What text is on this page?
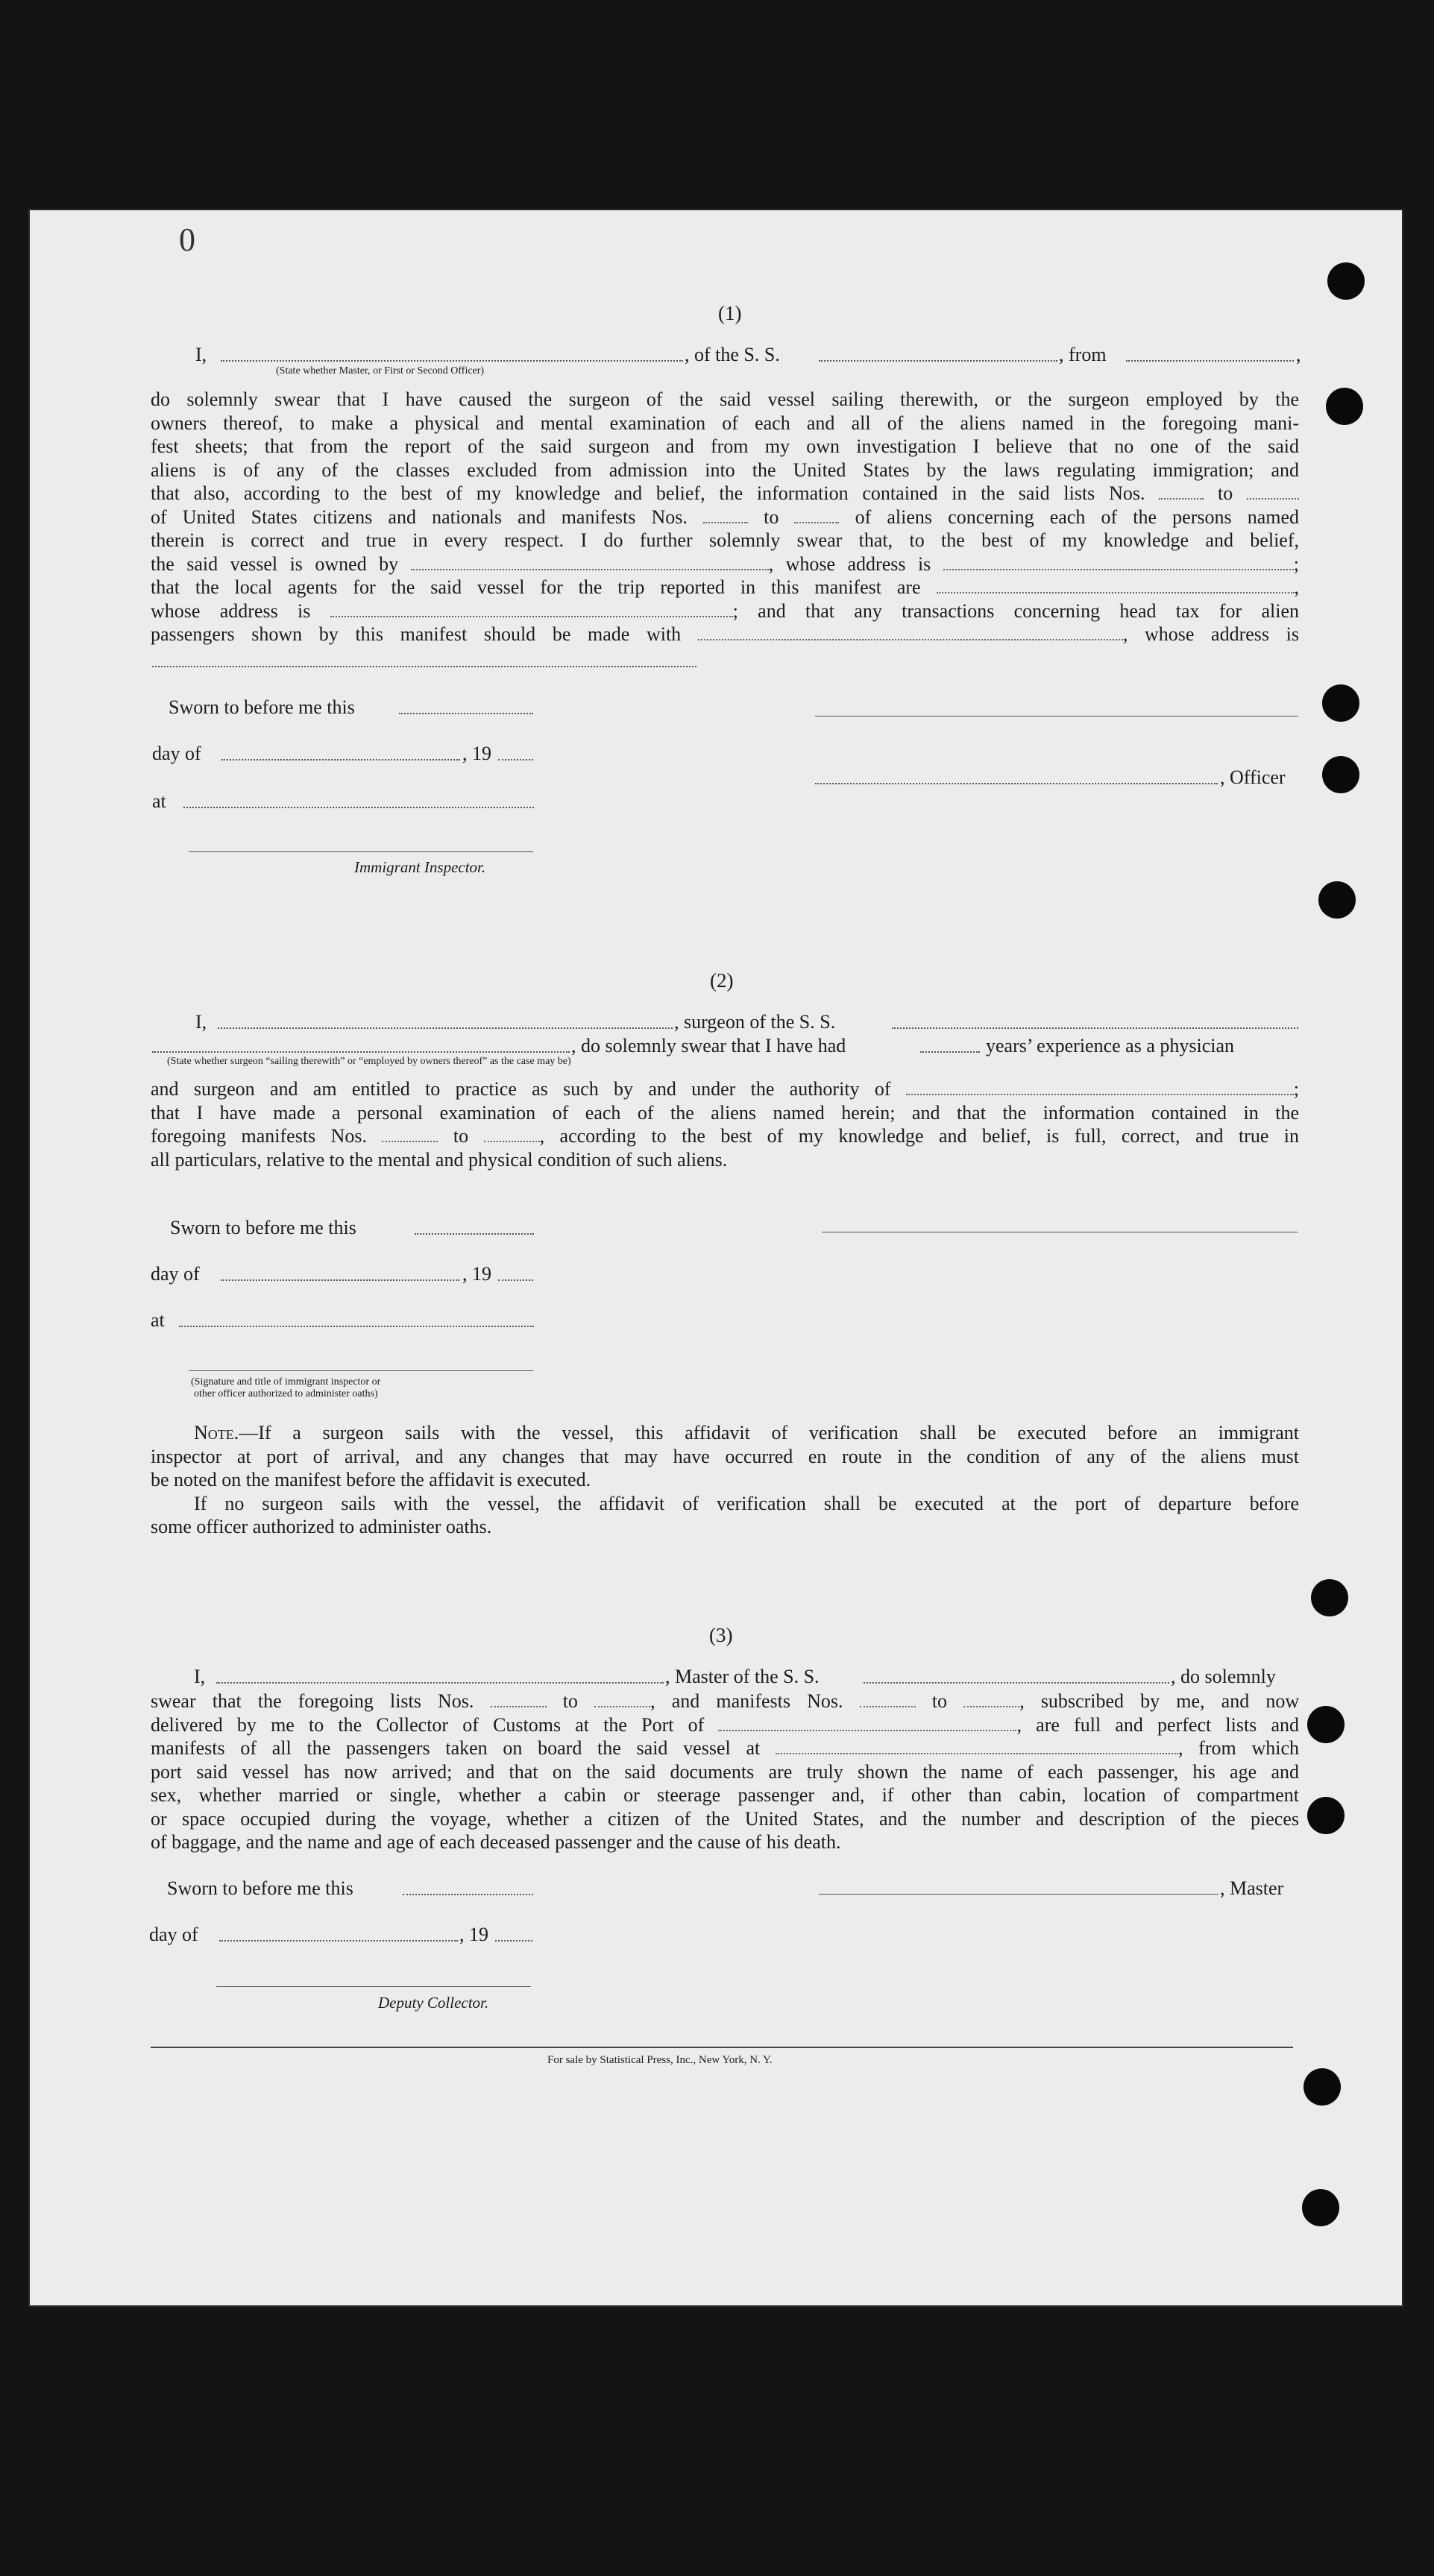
0
(1)
I,	, of the S. S.	, from	,
(State whether Master, or First or Second Officer)
do solemnly swear that I have caused the surgeon of the said vessel sailing therewith, or the surgeon employed by the
owners thereof, to make a physical and mental examination of each and all of the aliens named in the foregoing mani-
fest sheets; that from the report of the said surgeon and from my own investigation I believe that no one of the said
aliens is of any of the classes excluded from admission into the United States by the laws regulating immigration; and
that also, according to the best of my knowledge and belief, the information contained in the said lists Nos.	to
of United States citizens and nationals and manifests Nos.	to	of aliens concerning each of the persons named
therein is correct and true in every respect. I do further solemnly swear that, to the best of my knowledge and belief,
the said vessel is owned by	, whose address is	;
that the local agents for the said vessel for the trip reported in this manifest are	,
whose address is	; and that any transactions concerning head tax for alien
passengers shown by this manifest should be made with	, whose address is
Sworn to before me this
day of	, 19
, Officer
at
Immigrant Inspector.
(2)
I,	, surgeon of the S. S.
, do solemnly swear that I have had	years’ experience as a physician
(State whether surgeon “sailing therewith” or “employed by owners thereof” as the case may be)
and surgeon and am entitled to practice as such by and under the authority of	;
that I have made a personal examination of each of the aliens named herein; and that the information contained in the
foregoing manifests Nos.	to	, according to the best of my knowledge and belief, is full, correct, and true in
all particulars, relative to the mental and physical condition of such aliens.
Sworn to before me this
day of	, 19
at
(Signature and title of immigrant inspector or
other officer authorized to administer oaths)
Note.—If a surgeon sails with the vessel, this affidavit of verification shall be executed before an immigrant
inspector at port of arrival, and any changes that may have occurred en route in the condition of any of the aliens must
be noted on the manifest before the affidavit is executed.
If no surgeon sails with the vessel, the affidavit of verification shall be executed at the port of departure before
some officer authorized to administer oaths.
(3)
I,	, Master of the S. S.	, do solemnly
swear that the foregoing lists Nos.	to	, and manifests Nos.	to	, subscribed by me, and now
delivered by me to the Collector of Customs at the Port of	, are full and perfect lists and
manifests of all the passengers taken on board the said vessel at	, from which
port said vessel has now arrived; and that on the said documents are truly shown the name of each passenger, his age and
sex, whether married or single, whether a cabin or steerage passenger and, if other than cabin, location of compartment
or space occupied during the voyage, whether a citizen of the United States, and the number and description of the pieces
of baggage, and the name and age of each deceased passenger and the cause of his death.
Sworn to before me this	, Master
day of	, 19
Deputy Collector.
For sale by Statistical Press, Inc., New York, N. Y.
